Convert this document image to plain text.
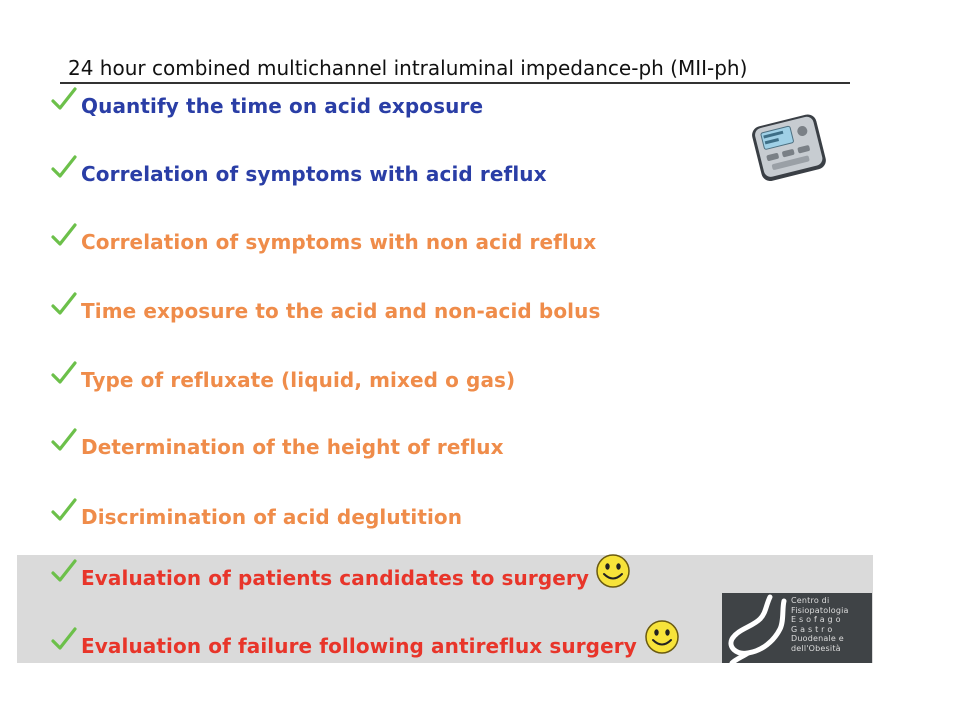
24 hour combined multichannel intraluminal impedance-ph (MII-ph)
Quantify the time on acid exposure
Correlation of symptoms with acid reflux
Correlation of symptoms with non acid reflux
Time exposure to the acid and non-acid bolus
Type of refluxate (liquid, mixed o gas)
Determination of the height of reflux
Discrimination of acid deglutition
Evaluation of patients candidates to surgery
Evaluation of failure following antireflux surgery
Centro di
Fisiopatologia
E s o f a g o
G a s t r o
Duodenale e
dell'Obesità
